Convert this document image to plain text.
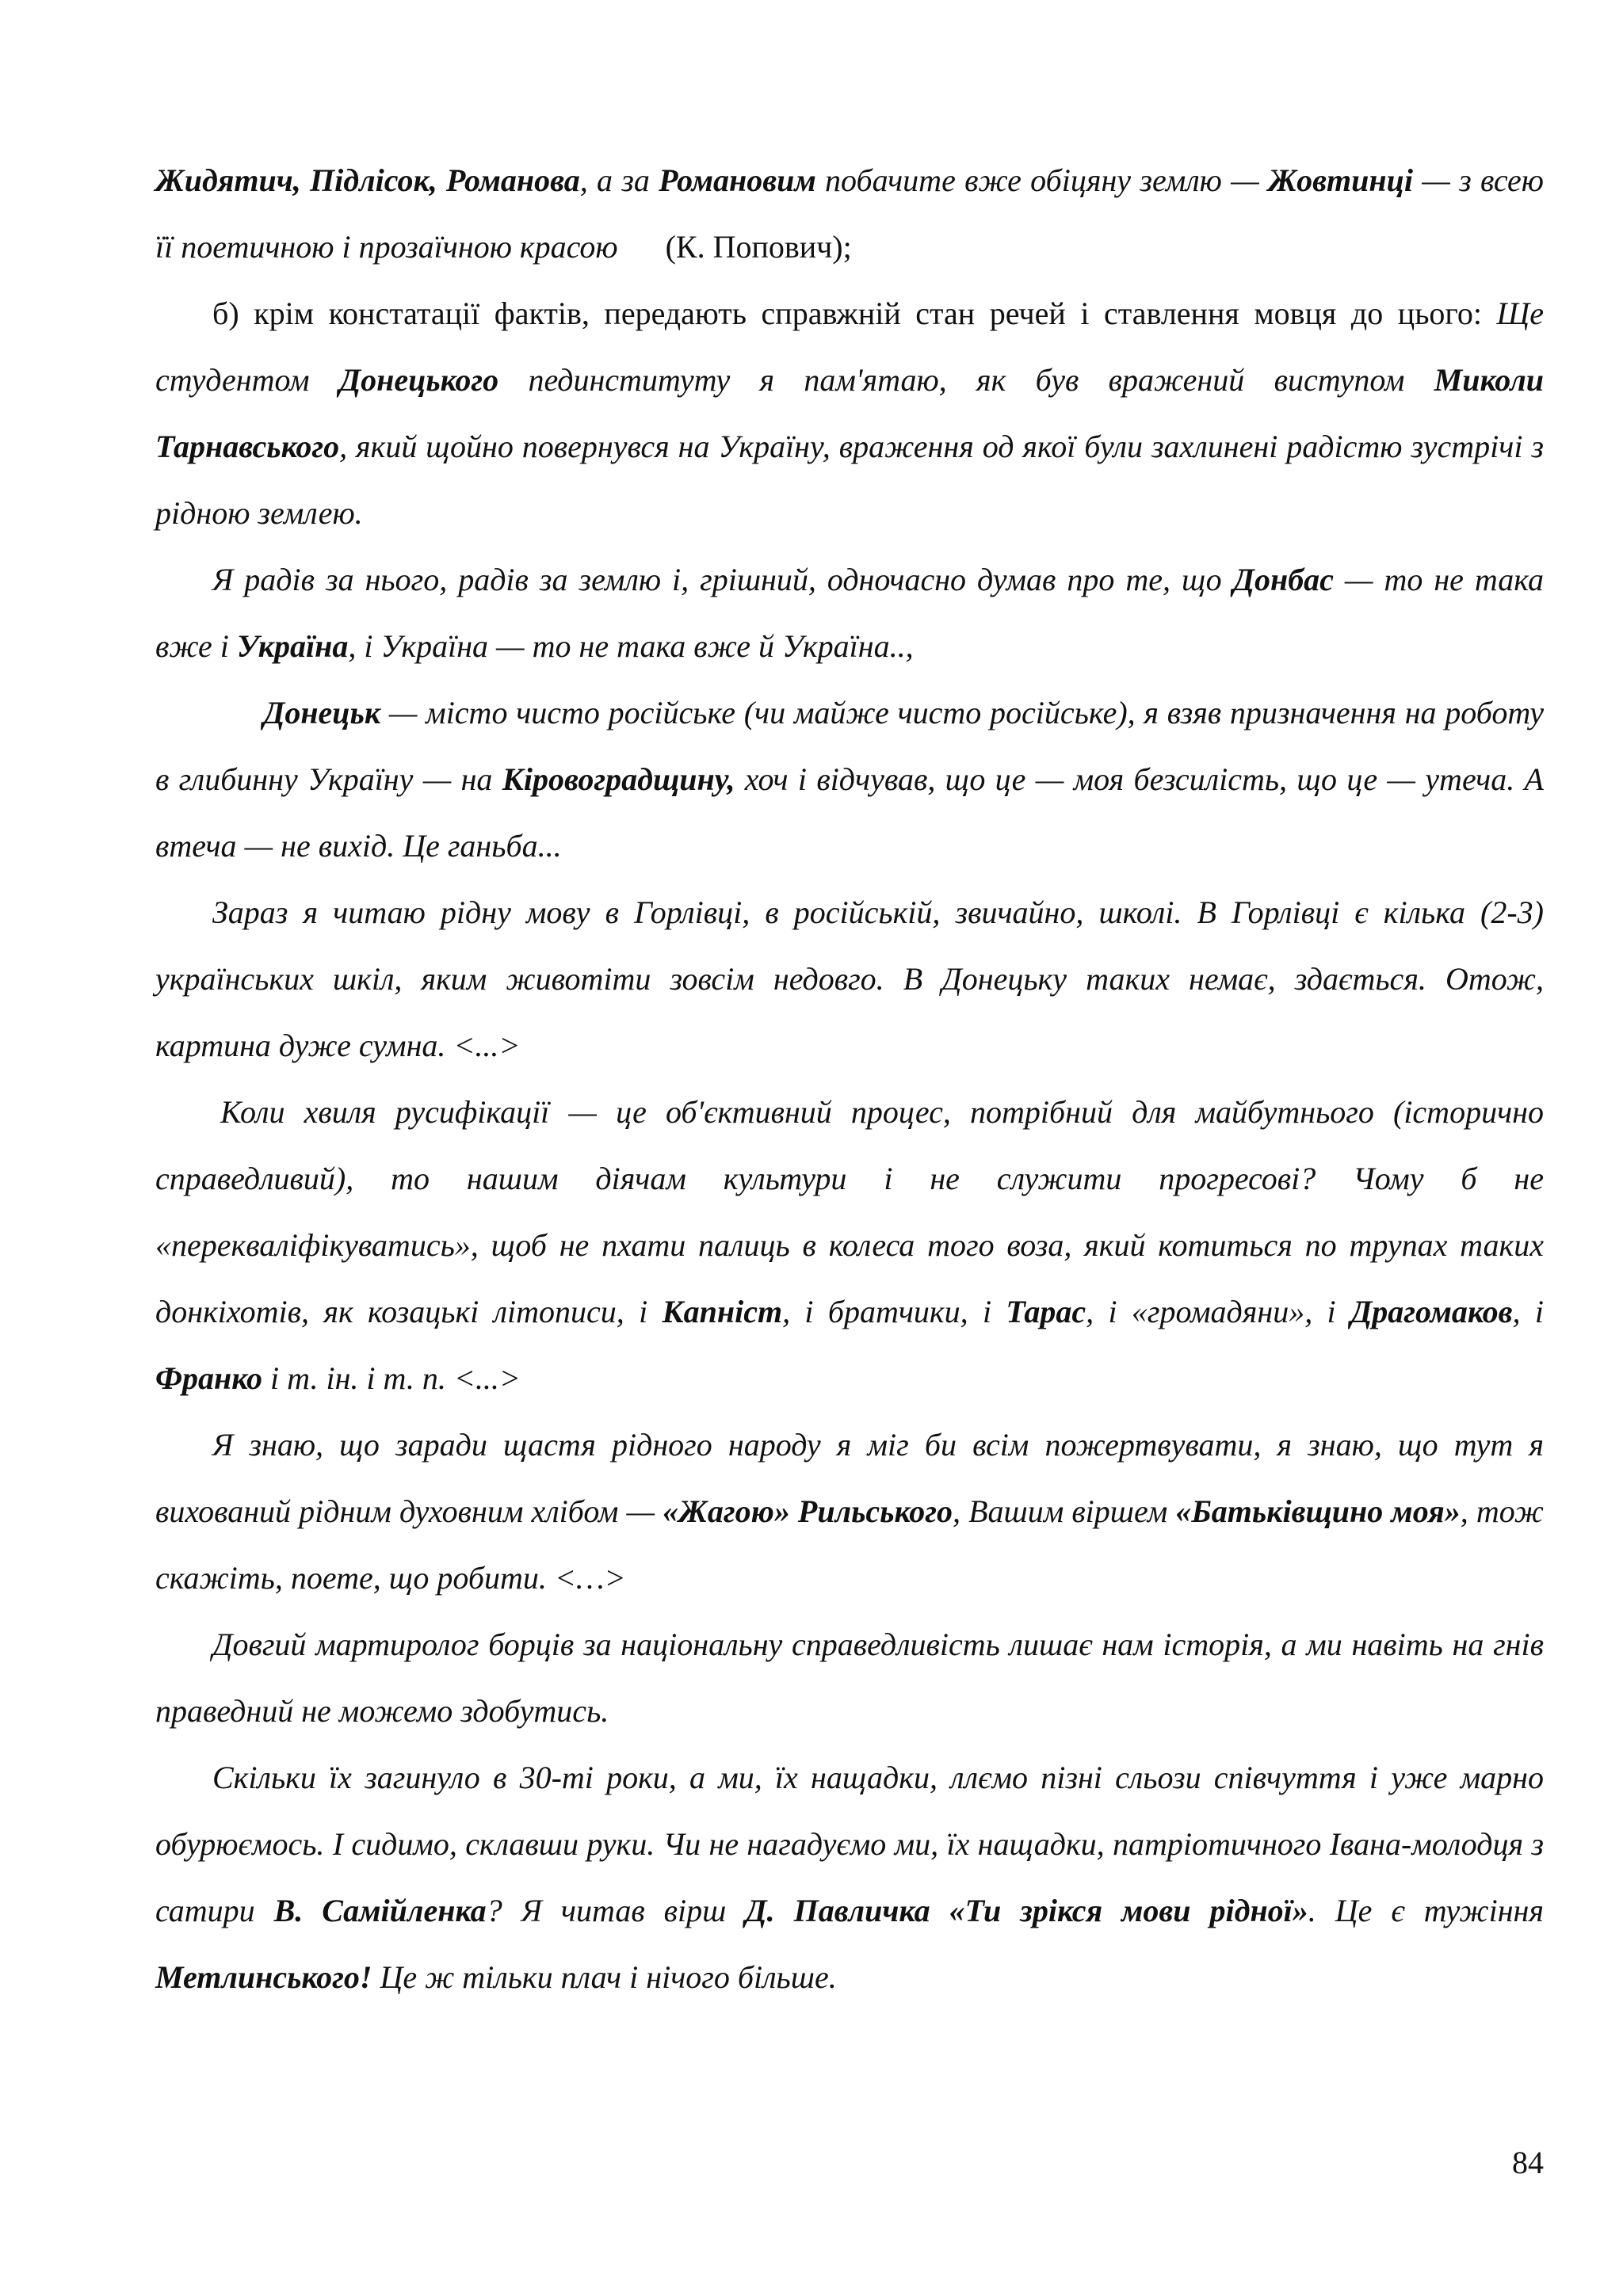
Жидятич, Підлісок, Романова, а за Романовим побачите вже обіцяну землю — Жовтинці — з всею її поетичною і прозаїчною красою      (К. Попович);

б) крім констатації фактів, передають справжній стан речей і ставлення мовця до цього: Ще студентом Донецького пединституту я пам'ятаю, як був вражений виступом Миколи Тарнавського, який щойно повернувся на Україну, враження од якої були захлинені радістю зустрічі з рідною землею.

Я радів за нього, радів за землю і, грішний, одночасно думав про те, що Донбас — то не така вже і Україна, і Україна — то не така вже й Україна..,

Донецьк — місто чисто російське (чи майже чисто російське), я взяв призначення на роботу в глибинну Україну — на Кіровоградщину, хоч і відчував, що це — моя безсилість, що це — утеча. А втеча — не вихід. Це ганьба...

Зараз я читаю рідну мову в Горлівці, в російській, звичайно, школі. В Горлівці є кілька (2-3) українських шкіл, яким животіти зовсім недовго. В Донецьку таких немає, здається. Отож, картина дуже сумна. <...>

Коли хвиля русифікації — це об'єктивний процес, потрібний для майбутнього (історично справедливий), то нашим діячам культури і не служити прогресові? Чому б не «перекваліфікуватись», щоб не пхати палиць в колеса того воза, який котиться по трупах таких донкіхотів, як козацькі літописи, і Капніст, і братчики, і Тарас, і «громадяни», і Драгомаков, і Франко і т. ін. і т. п. <...>

Я знаю, що заради щастя рідного народу я міг би всім пожертвувати, я знаю, що тут я вихований рідним духовним хлібом — «Жагою» Рильського, Вашим віршем «Батьківщино моя», тож скажіть, поете, що робити. <…>

Довгий мартиролог борців за національну справедливість лишає нам історія, а ми навіть на гнів праведний не можемо здобутись.

Скільки їх загинуло в 30-ті роки, а ми, їх нащадки, ллємо пізні сльози співчуття і уже марно обурюємось. І сидимо, склавши руки. Чи не нагадуємо ми, їх нащадки, патріотичного Івана-молодця з сатири В. Самійленка? Я читав вірш Д. Павличка «Ти зрікся мови рідної». Це є тужіння Метлинського! Це ж тільки плач і нічого більше.

84
